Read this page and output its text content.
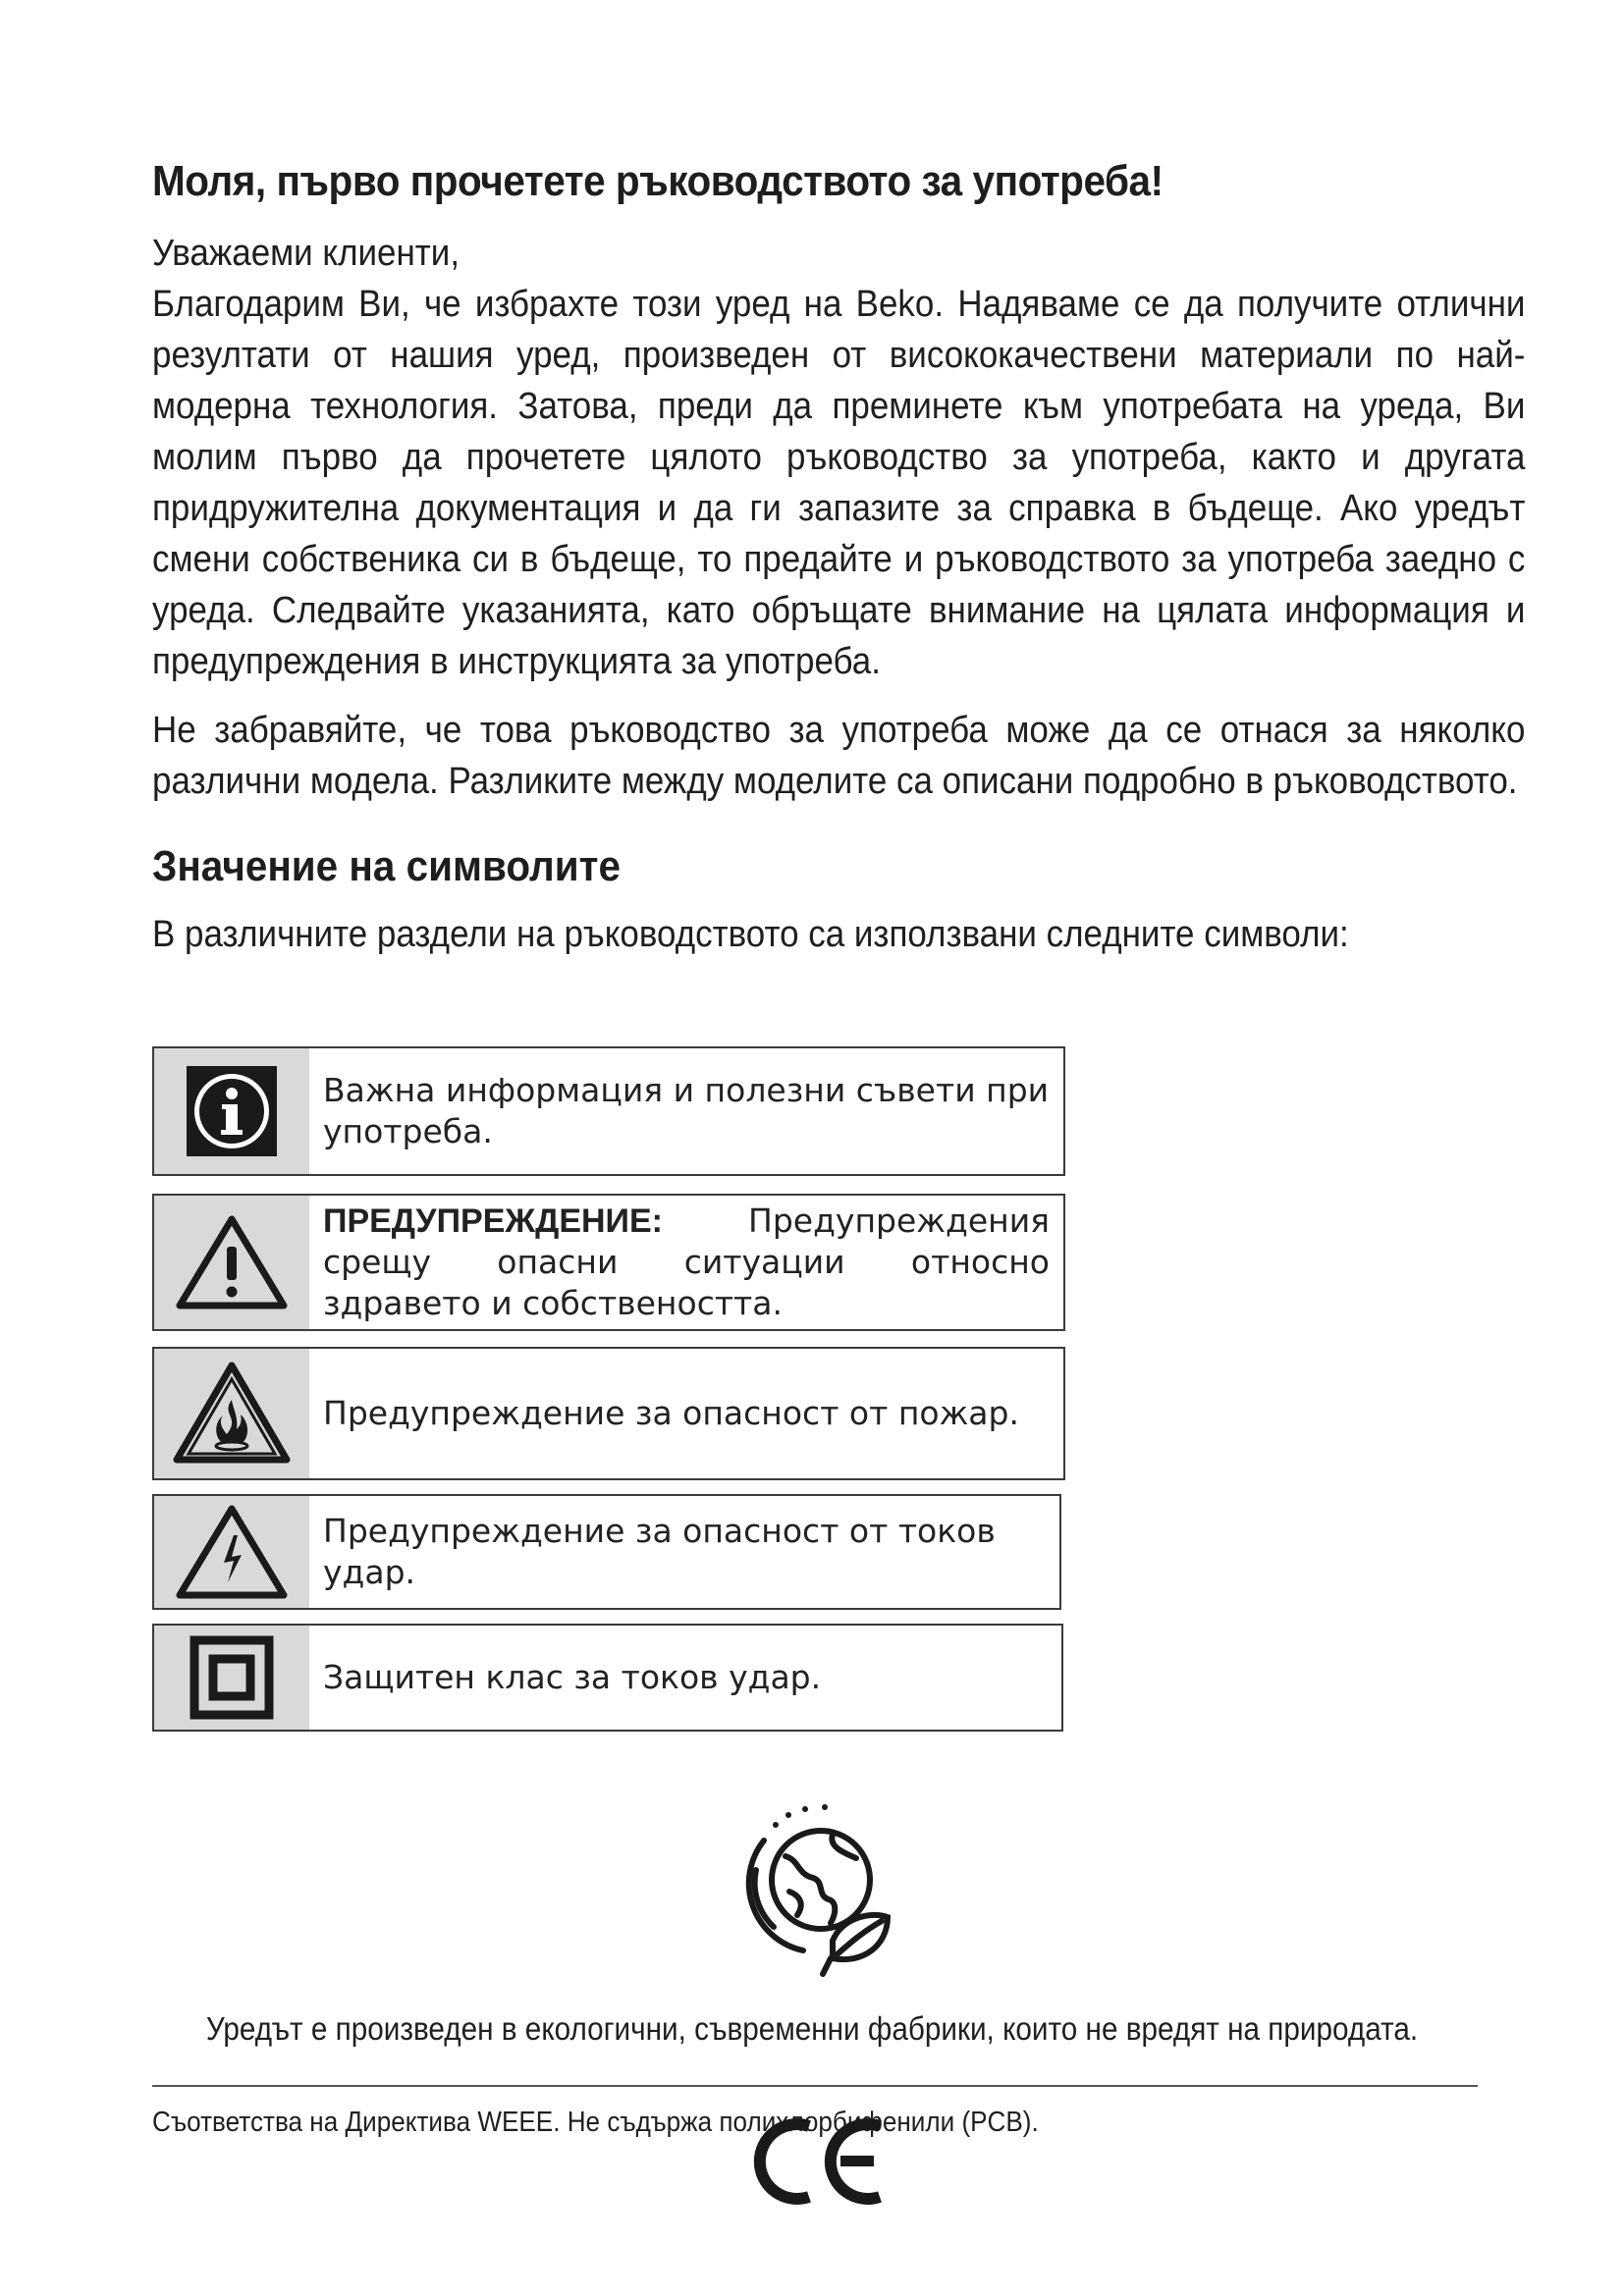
Моля, първо прочетете ръководството за употреба!

Уважаеми клиенти,

Благодарим Ви, че избрахте този уред на Beko. Надяваме се да получите отлични резултати от нашия уред, произведен от висококачествени материали по най-модерна технология. Затова, преди да преминете към употребата на уреда, Ви молим първо да прочетете цялото ръководство за употреба, както и другата придружителна документация и да ги запазите за справка в бъдеще. Ако уредът смени собственика си в бъдеще, то предайте и ръководството за употреба заедно с уреда. Следвайте указанията, като обръщате внимание на цялата информация и предупреждения в инструкцията за употреба.

Не забравяйте, че това ръководство за употреба може да се отнася за няколко различни модела. Разликите между моделите са описани подробно в ръководството.
Значение на символите
В различните раздели на ръководството са използвани следните символи:
Важна информация и полезни съвети при употреба.
ПРЕДУПРЕЖДЕНИЕ: Предупреждения срещу опасни ситуации относно здравето и собствеността.
Предупреждение за опасност от пожар.
Предупреждение за опасност от токов удар.
Защитен клас за токов удар.
Уредът е произведен в екологични, съвременни фабрики, които не вредят на природата.
Съответства на Директива WEEE. Не съдържа полихлорбифенили (PCB).
